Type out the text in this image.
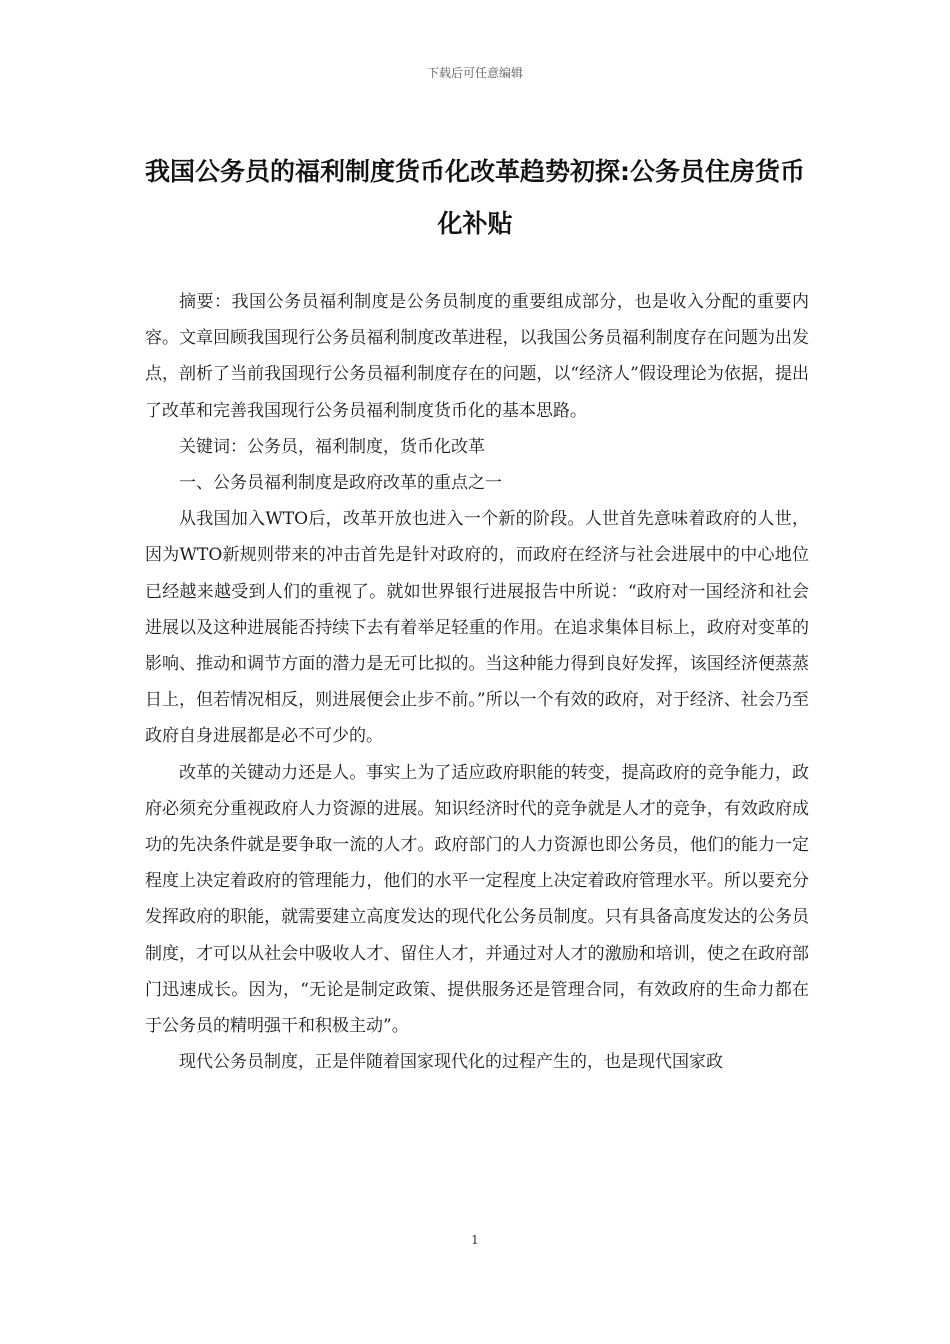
下载后可任意编辑
我国公务员的福利制度货币化改革趋势初探:公务员住房货币化补贴

摘要：我国公务员福利制度是公务员制度的重要组成部分，也是收入分配的重要内容。文章回顾我国现行公务员福利制度改革进程，以我国公务员福利制度存在问题为出发点，剖析了当前我国现行公务员福利制度存在的问题，以“经济人”假设理论为依据，提出了改革和完善我国现行公务员福利制度货币化的基本思路。

关键词：公务员，福利制度，货币化改革

一、公务员福利制度是政府改革的重点之一

从我国加入WTO后，改革开放也进入一个新的阶段。人世首先意味着政府的人世，因为WTO新规则带来的冲击首先是针对政府的，而政府在经济与社会进展中的中心地位已经越来越受到人们的重视了。就如世界银行进展报告中所说：“政府对一国经济和社会进展以及这种进展能否持续下去有着举足轻重的作用。在追求集体目标上，政府对变革的影响、推动和调节方面的潜力是无可比拟的。当这种能力得到良好发挥，该国经济便蒸蒸日上，但若情况相反，则进展便会止步不前。”所以一个有效的政府，对于经济、社会乃至政府自身进展都是必不可少的。

改革的关键动力还是人。事实上为了适应政府职能的转变，提高政府的竞争能力，政府必须充分重视政府人力资源的进展。知识经济时代的竞争就是人才的竞争，有效政府成功的先决条件就是要争取一流的人才。政府部门的人力资源也即公务员，他们的能力一定程度上决定着政府的管理能力，他们的水平一定程度上决定着政府管理水平。所以要充分发挥政府的职能，就需要建立高度发达的现代化公务员制度。只有具备高度发达的公务员制度，才可以从社会中吸收人才、留住人才，并通过对人才的激励和培训，使之在政府部门迅速成长。因为，“无论是制定政策、提供服务还是管理合同，有效政府的生命力都在于公务员的精明强干和积极主动”。

现代公务员制度，正是伴随着国家现代化的过程产生的，也是现代国家政

1
